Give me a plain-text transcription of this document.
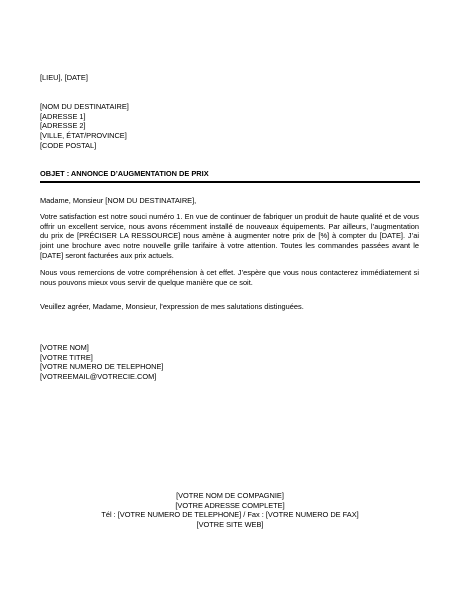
[LIEU], [DATE]
[NOM DU DESTINATAIRE]
[ADRESSE 1]
[ADRESSE 2]
[VILLE, ÉTAT/PROVINCE]
[CODE POSTAL]
OBJET : ANNONCE D’AUGMENTATION DE PRIX
Madame, Monsieur [NOM DU DESTINATAIRE],
Votre satisfaction est notre souci numéro 1. En vue de continuer de fabriquer un produit de haute qualité et de vous offrir un excellent service, nous avons récemment installé de nouveaux équipements. Par ailleurs, l’augmentation du prix de [PRÉCISER LA RESSOURCE] nous amène à augmenter notre prix de [%] à compter du [DATE]. J’ai joint une brochure avec notre nouvelle grille tarifaire à votre attention. Toutes les commandes passées avant le [DATE] seront facturées aux prix actuels.
Nous vous remercions de votre compréhension à cet effet. J’espère que vous nous contacterez immédiatement si nous pouvons mieux vous servir de quelque manière que ce soit.
Veuillez agréer, Madame, Monsieur, l’expression de mes salutations distinguées.
[VOTRE NOM]
[VOTRE TITRE]
[VOTRE NUMERO DE TELEPHONE]
[VOTREEMAIL@VOTRECIE.COM]
[VOTRE NOM DE COMPAGNIE]
[VOTRE ADRESSE COMPLETE]
Tél : [VOTRE NUMERO DE TELEPHONE] / Fax : [VOTRE NUMERO DE FAX]
[VOTRE SITE WEB]
